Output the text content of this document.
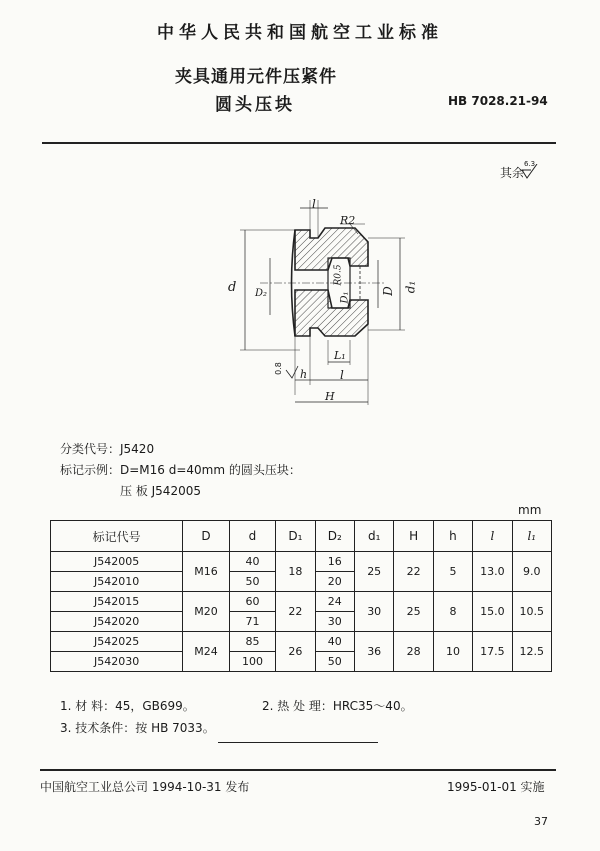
中华人民共和国航空工业标准
夹具通用元件压紧件
圆头压块	HB 7028.21-94
其余
6.3
l
R2
d D₂
R0.5
D₁
D d₁
L₁
h	l
H
0.8
分类代号：J5420
标记示例：D=M16 d=40mm 的圆头压块：
压 板 J542005
mm
标记代号	D	d	D₁	D₂	d₁	H	h	l	l₁
J542005	M16	40	18	16	25	22	5	13.0	9.0
J542010		50		20					
J542015	M20	60	22	24	30	25	8	15.0	10.5
J542020		71		30					
J542025	M24	85	26	40	36	28	10	17.5	12.5
J542030		100		50					
1. 材 料：45，GB699。	2. 热 处 理：HRC35～40。
3. 技术条件：按 HB 7033。
中国航空工业总公司 1994-10-31 发布	1995-01-01 实施
37
